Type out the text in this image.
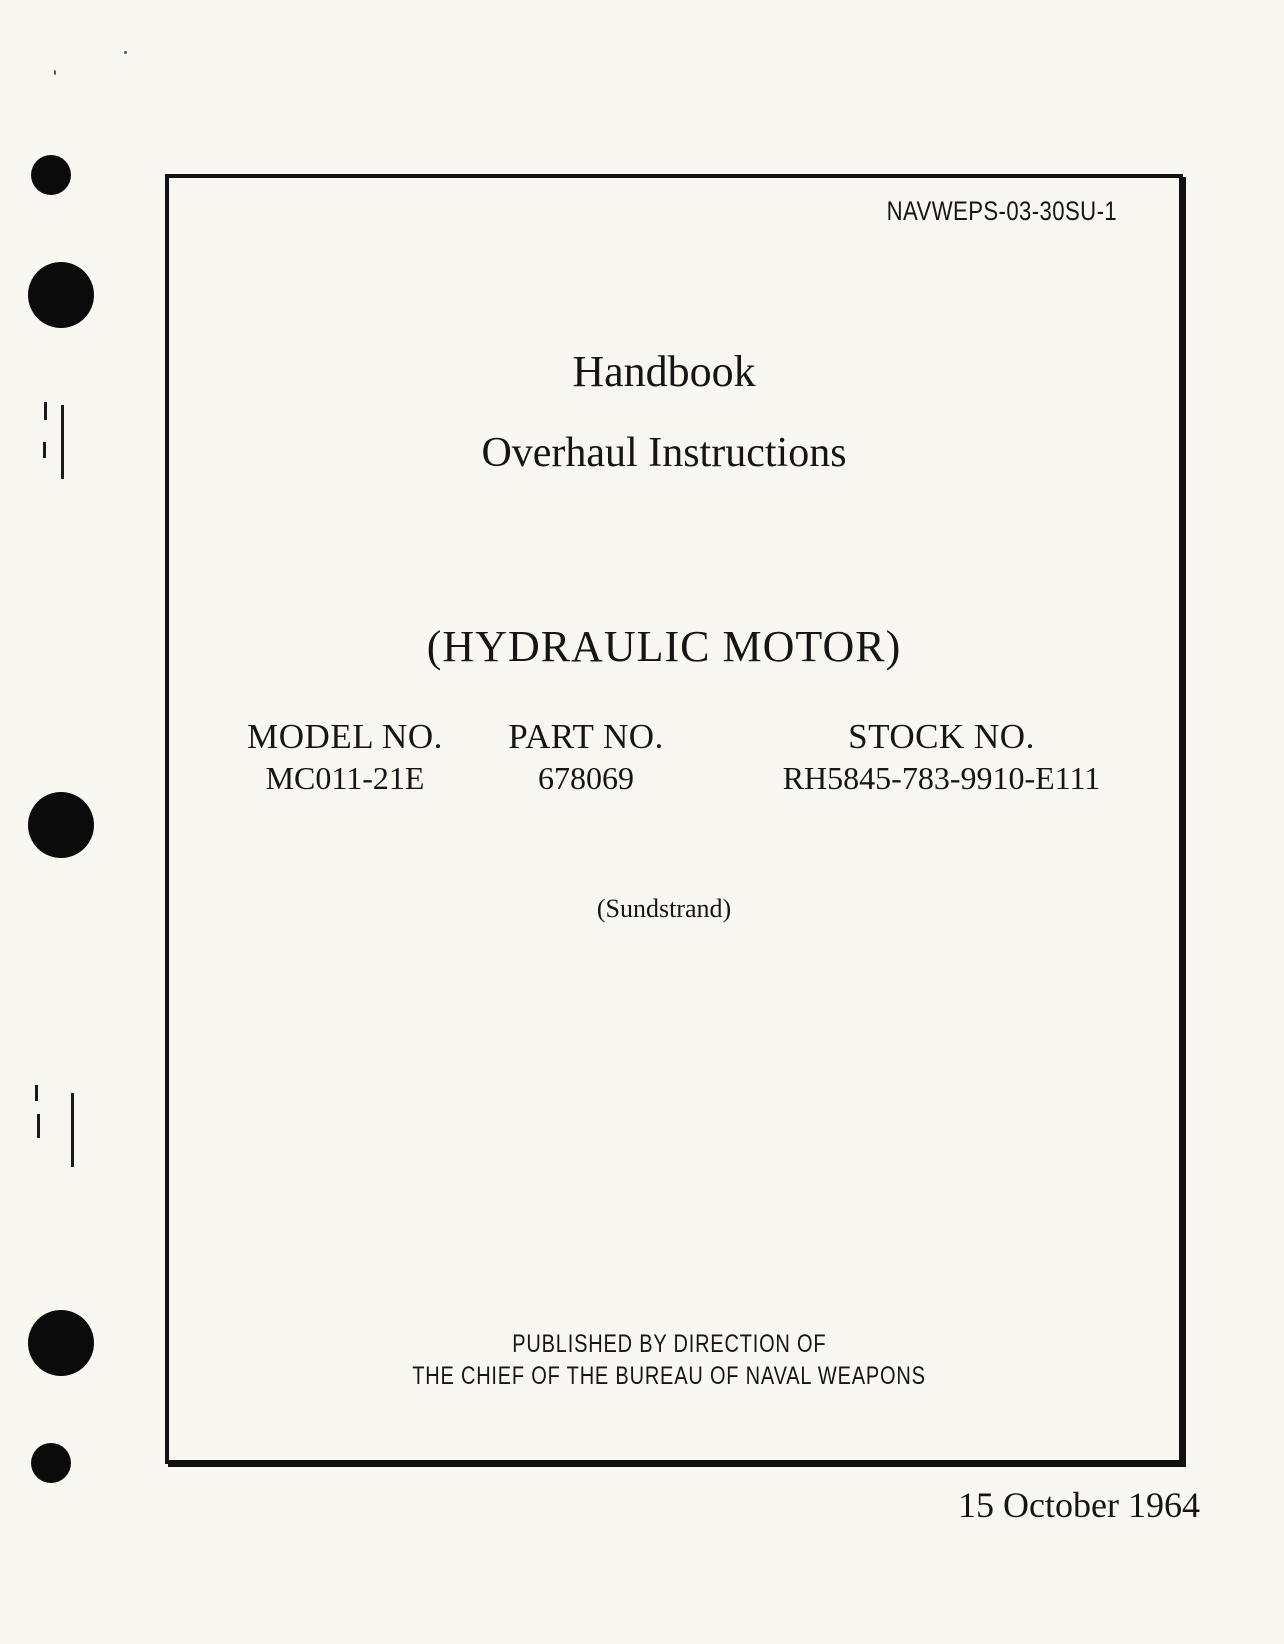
NAVWEPS-03-30SU-1
Handbook
Overhaul Instructions
(HYDRAULIC MOTOR)
MODEL NO.
MC011-21E
PART NO.
678069
STOCK NO.
RH5845-783-9910-E111
(Sundstrand)
PUBLISHED BY DIRECTION OF
THE CHIEF OF THE BUREAU OF NAVAL WEAPONS
15 October 1964
